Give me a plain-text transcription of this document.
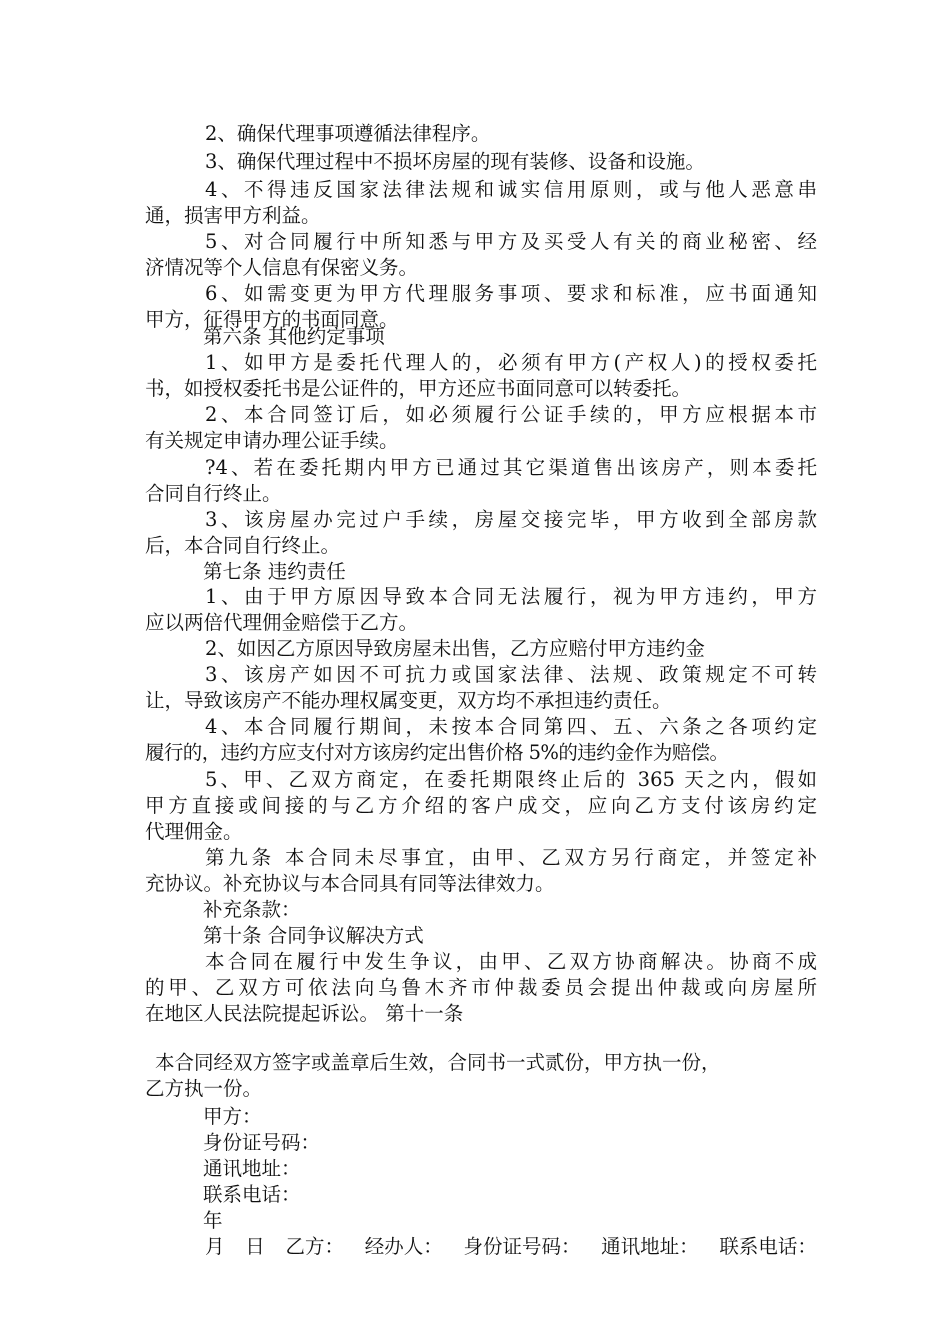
2、确保代理事项遵循法律程序。
3、确保代理过程中不损坏房屋的现有装修、设备和设施。
4、不得违反国家法律法规和诚实信用原则，或与他人恶意串
通，损害甲方利益。
5、对合同履行中所知悉与甲方及买受人有关的商业秘密、经
济情况等个人信息有保密义务。
6、如需变更为甲方代理服务事项、要求和标准，应书面通知
甲方，征得甲方的书面同意。
第六条 其他约定事项
1、如甲方是委托代理人的，必须有甲方(产权人)的授权委托
书，如授权委托书是公证件的，甲方还应书面同意可以转委托。
2、本合同签订后，如必须履行公证手续的，甲方应根据本市
有关规定申请办理公证手续。
?4、若在委托期内甲方已通过其它渠道售出该房产，则本委托
合同自行终止。
3、该房屋办完过户手续，房屋交接完毕，甲方收到全部房款
后，本合同自行终止。
第七条 违约责任
1、由于甲方原因导致本合同无法履行，视为甲方违约，甲方
应以两倍代理佣金赔偿于乙方。
2、如因乙方原因导致房屋未出售，乙方应赔付甲方违约金
3、该房产如因不可抗力或国家法律、法规、政策规定不可转
让，导致该房产不能办理权属变更，双方均不承担违约责任。
4、本合同履行期间，未按本合同第四、五、六条之各项约定
履行的，违约方应支付对方该房约定出售价格 5%的违约金作为赔偿。
5、甲、乙双方商定，在委托期限终止后的 365 天之内，假如
甲方直接或间接的与乙方介绍的客户成交，应向乙方支付该房约定
代理佣金。
第九条 本合同未尽事宜，由甲、乙双方另行商定，并签定补
充协议。补充协议与本合同具有同等法律效力。
补充条款：
第十条 合同争议解决方式
本合同在履行中发生争议，由甲、乙双方协商解决。协商不成
的甲、乙双方可依法向乌鲁木齐市仲裁委员会提出仲裁或向房屋所
在地区人民法院提起诉讼。 第十一条
本合同经双方签字或盖章后生效，合同书一式贰份，甲方执一份，
乙方执一份。
甲方：
身份证号码：
通讯地址：
联系电话：
年
月 日 乙方： 经办人： 身份证号码： 通讯地址： 联系电话：
